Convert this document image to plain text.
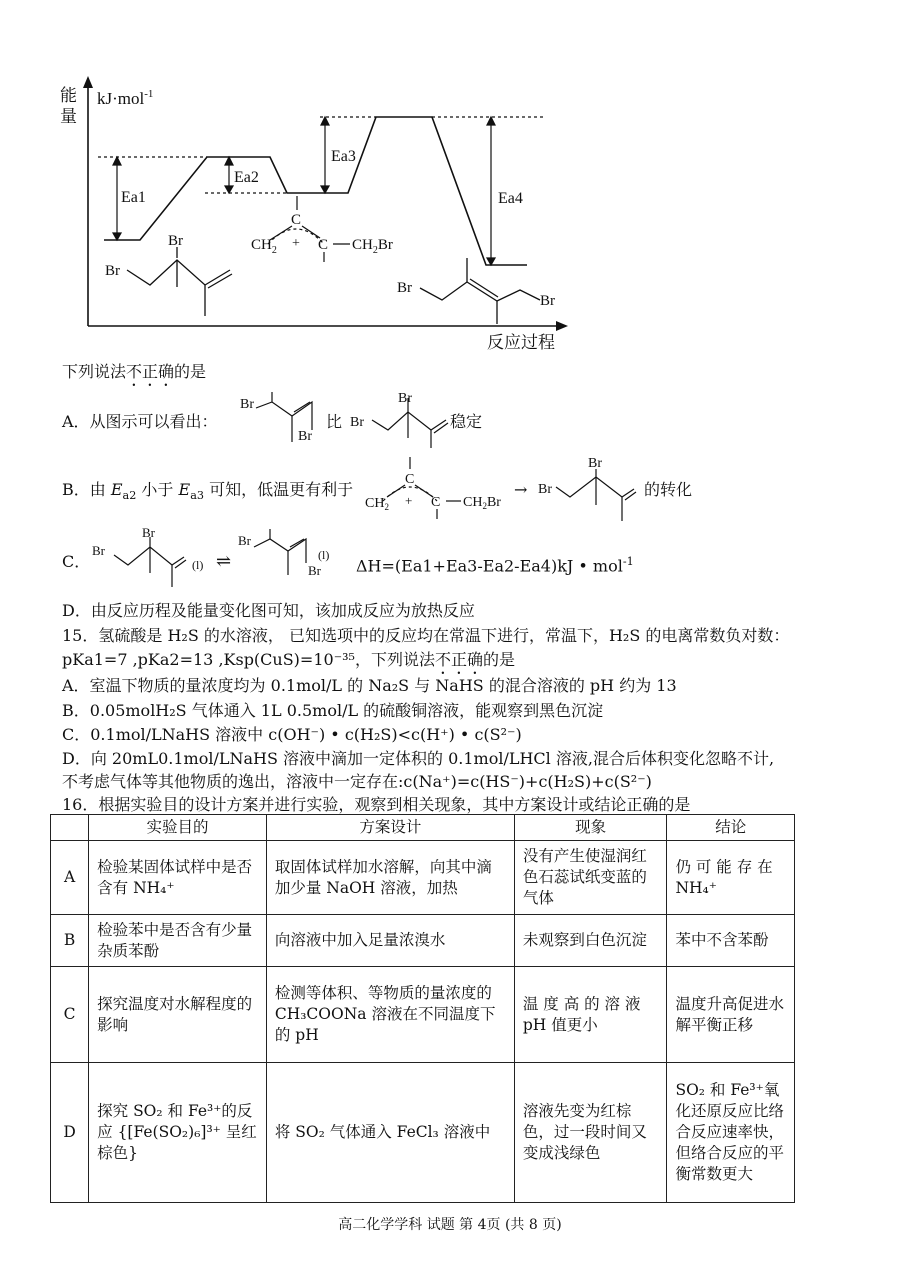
能
量
kJ·mol$^{-1}$
反应过程
Ea1
Ea2
Ea3
Ea4
Br
Br
C
$CH_2 + C$ $CH_2Br$
Br
Br
下列说法不正确的是
A．从图示可以看出：
Br
Br
Br
Br
比	稳定
B．由 $E_{a2}$ 小于 $E_{a3}$ 可知，低温更有利于
C
$CH_2 + C$ $CH_2Br$
→ Br
Br
的转化
C．
Br
Br
(l) ⇌
Br
Br
(l)
ΔH=(Ea1+Ea3-Ea2-Ea4)kJ • mol$^{-1}$
D．由反应历程及能量变化图可知，该加成反应为放热反应
15．氢硫酸是 H₂S 的水溶液， 已知选项中的反应均在常温下进行，常温下，H₂S 的电离常数负对数：
pKa1=7 ,pKa2=13 ,Ksp(CuS)=10⁻³⁵，下列说法不正确的是
A．室温下物质的量浓度均为 0.1mol/L 的 Na₂S 与 NaHS 的混合溶液的 pH 约为 13
B．0.05molH₂S 气体通入 1L 0.5mol/L 的硫酸铜溶液，能观察到黑色沉淀
C．0.1mol/LNaHS 溶液中 c(OH⁻) • c(H₂S)<c(H⁺) • c(S²⁻)
D．向 20mL0.1mol/LNaHS 溶液中滴加一定体积的 0.1mol/LHCl 溶液,混合后体积变化忽略不计,
不考虑气体等其他物质的逸出，溶液中一定存在:c(Na⁺)=c(HS⁻)+c(H₂S)+c(S²⁻)
16．根据实验目的设计方案并进行实验，观察到相关现象，其中方案设计或结论正确的是
	实验目的	方案设计	现象	结论
A	检验某固体试样中是否含有 NH₄⁺	取固体试样加水溶解，向其中滴加少量 NaOH 溶液，加热	没有产生使湿润红色石蕊试纸变蓝的气体	仍 可 能 存 在 NH₄⁺
B	检验苯中是否含有少量杂质苯酚	向溶液中加入足量浓溴水	未观察到白色沉淀	苯中不含苯酚
C	探究温度对水解程度的影响	检测等体积、等物质的量浓度的 CH₃COONa 溶液在不同温度下的 pH	温 度 高 的 溶 液 pH 值更小	温度升高促进水解平衡正移
D	探究 SO₂ 和 Fe³⁺的反应 {[Fe(SO₂)₆]³⁺ 呈红棕色}	将 SO₂ 气体通入 FeCl₃ 溶液中	溶液先变为红棕色，过一段时间又变成浅绿色	SO₂ 和 Fe³⁺氧化还原反应比络合反应速率快，但络合反应的平衡常数更大
高二化学学科 试题 第 4页 (共 8 页)
